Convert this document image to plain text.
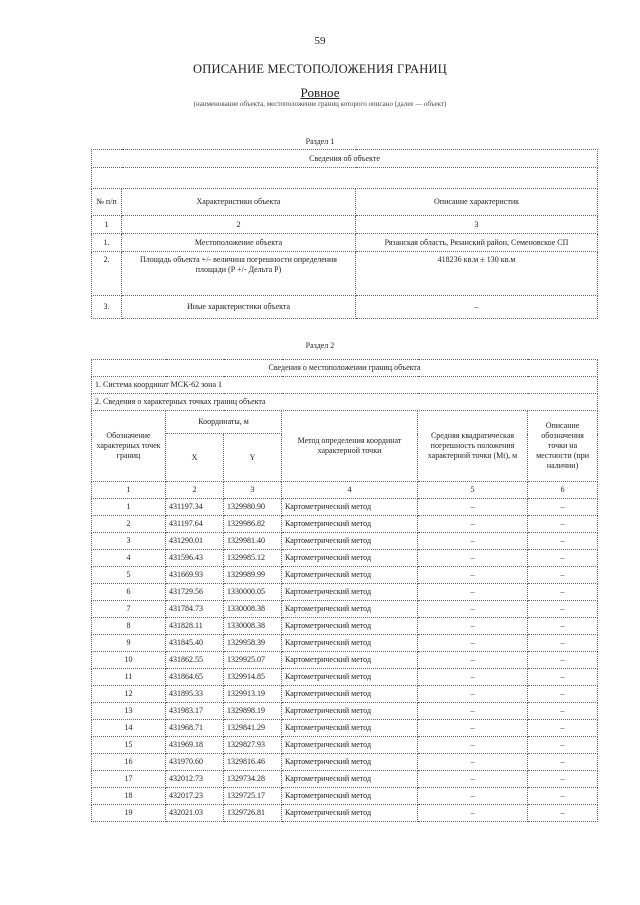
59
ОПИСАНИЕ МЕСТОПОЛОЖЕНИЯ ГРАНИЦ
Ровное
(наименование объекта, местоположение границ которого описано (далее — объект)
Раздел 1
Сведения об объекте		

№ п/п	Характеристики объекта	Описание характеристик
1	2	3
1.	Местоположение объекта	Рязанская область, Рязанский район, Семеновское СП
2.	Площадь объекта +/- величина погрешности определения площади (Р +/- Дельта Р)	418236 кв.м ± 130 кв.м
3.	Иные характеристики объекта	–
Раздел 2
Сведения о местоположении границ объекта					
1. Система координат МСК-62 зона 1					
2. Сведения о характерных точках границ объекта					
Обозначение характерных точек границ	Координаты, м		Метод определения координат характерной точки	Средняя квадратическая погрешность положения характерной точки (Мt), м	Описание обозначения точки на местности (при наличии)
	X	Y			
1	2	3	4	5	6
1	431197.34	1329980.90	Картометрический метод	–	–
2	431197.64	1329986.82	Картометрический метод	–	–
3	431290.01	1329981.40	Картометрический метод	–	–
4	431596.43	1329985.12	Картометрический метод	–	–
5	431669.93	1329989.99	Картометрический метод	–	–
6	431729.56	1330000.05	Картометрический метод	–	–
7	431784.73	1330008.38	Картометрический метод	–	–
8	431828.11	1330008.38	Картометрический метод	–	–
9	431845.40	1329958.39	Картометрический метод	–	–
10	431862.55	1329925.07	Картометрический метод	–	–
11	431864.65	1329914.85	Картометрический метод	–	–
12	431895.33	1329913.19	Картометрический метод	–	–
13	431983.17	1329898.19	Картометрический метод	–	–
14	431968.71	1329841.29	Картометрический метод	–	–
15	431969.18	1329827.93	Картометрический метод	–	–
16	431970.60	1329816.46	Картометрический метод	–	–
17	432012.73	1329734.28	Картометрический метод	–	–
18	432017.23	1329725.17	Картометрический метод	–	–
19	432021.03	1329726.81	Картометрический метод	–	–
